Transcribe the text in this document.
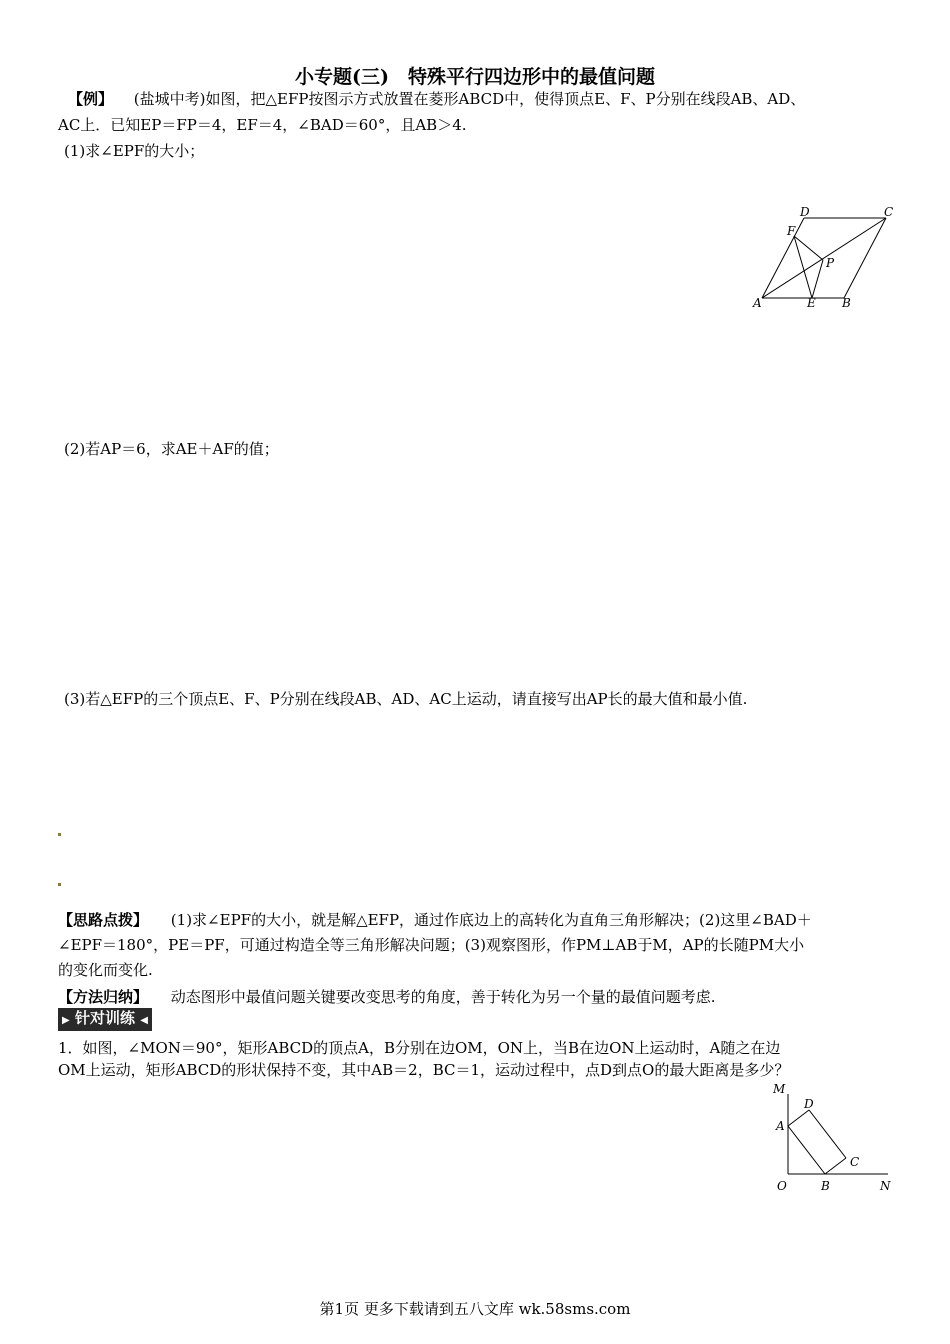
小专题(三)　特殊平行四边形中的最值问题
【例】 (盐城中考)如图，把△EFP按图示方式放置在菱形ABCD中，使得顶点E、F、P分别在线段AB、AD、
AC上．已知EP＝FP＝4，EF＝4，∠BAD＝60°，且AB＞4.
(1)求∠EPF的大小；
D	C
F
P
A	E B
(2)若AP＝6，求AE＋AF的值；
(3)若△EFP的三个顶点E、F、P分别在线段AB、AD、AC上运动，请直接写出AP长的最大值和最小值.
【思路点拨】 (1)求∠EPF的大小，就是解△EFP，通过作底边上的高转化为直角三角形解决；(2)这里∠BAD＋
∠EPF＝180°，PE＝PF，可通过构造全等三角形解决问题；(3)观察图形，作PM⊥AB于M，AP的长随PM大小
的变化而变化.
【方法归纳】 动态图形中最值问题关键要改变思考的角度，善于转化为另一个量的最值问题考虑.
▶ 针对训练 ◀
1．如图，∠MON＝90°，矩形ABCD的顶点A，B分别在边OM，ON上，当B在边ON上运动时，A随之在边
OM上运动，矩形ABCD的形状保持不变，其中AB＝2，BC＝1，运动过程中，点D到点O的最大距离是多少？
M
D
A
C
O	B	N
第1页 更多下载请到五八文库 wk.58sms.com
